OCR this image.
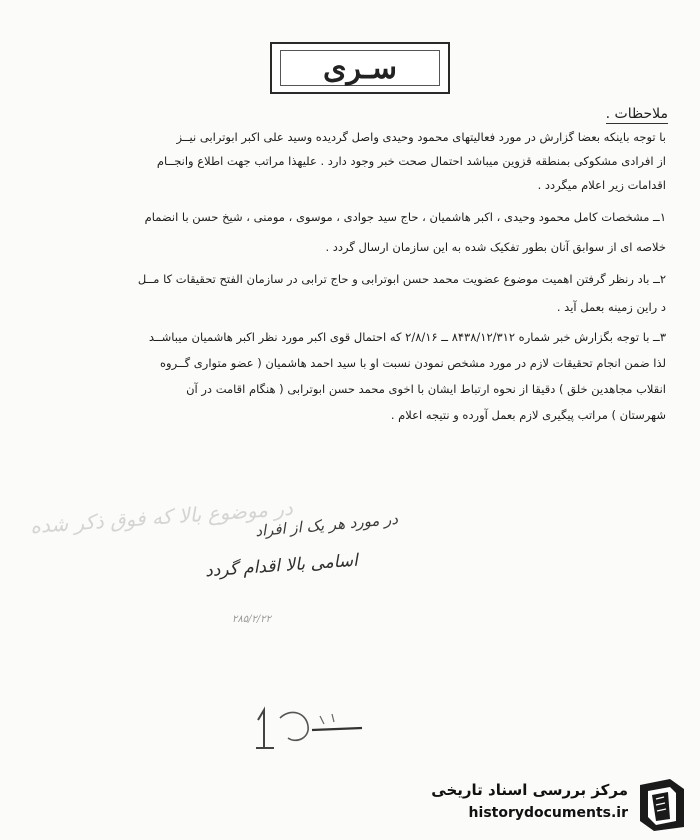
سـری
ملاحظات .
با توجه باینکه بعضا گزارش در مورد فعالیتهای محمود وحیدی واصل گردیده وسید علی اکبر ابوترابی نیــز
از افرادی مشکوکی بمنطقه قزوین میباشد احتمال صحت خبر وجود دارد . علیهذا مراتب جهت اطلاع وانجــام
اقدامات زیر اعلام میگردد .
۱ــ مشخصات کامل محمود وحیدی ، اکبر هاشمیان ، حاج سید جوادی ، موسوی ، مومنی ، شیخ حسن با انضمام
خلاصه ای از سوابق آنان بطور تفکیک شده به این سازمان ارسال گردد .
۲ــ باد رنظر گرفتن اهمیت موضوع عضویت محمد حسن ابوترابی و حاج ترابی در سازمان الفتح تحقیقات کا مــل
د راین زمینه بعمل آید .
۳ــ با توجه بگزارش خبر شماره ۸۴۳۸/۱۲/۳۱۲ ــ ۲/۸/۱۶ که احتمال قوی اکبر مورد نظر اکبر هاشمیان میباشــد
لذا ضمن انجام تحقیقات لازم در مورد مشخص نمودن نسبت او با سید احمد هاشمیان ( عضو متواری گــروه
انقلاب مجاهدین خلق ) دقیقا از نحوه ارتباط ایشان با اخوی محمد حسن ابوترابی ( هنگام اقامت در آن
شهرستان ) مراتب پیگیری لازم بعمل آورده و نتیجه اعلام .
در موضوع بالا که فوق ذکر شده
در مورد هر یک از افراد
اسامی بالا اقدام گردد
۲۸۵/۲/۲۲
مرکز بررسی اسناد تاریخی
historydocuments.ir
